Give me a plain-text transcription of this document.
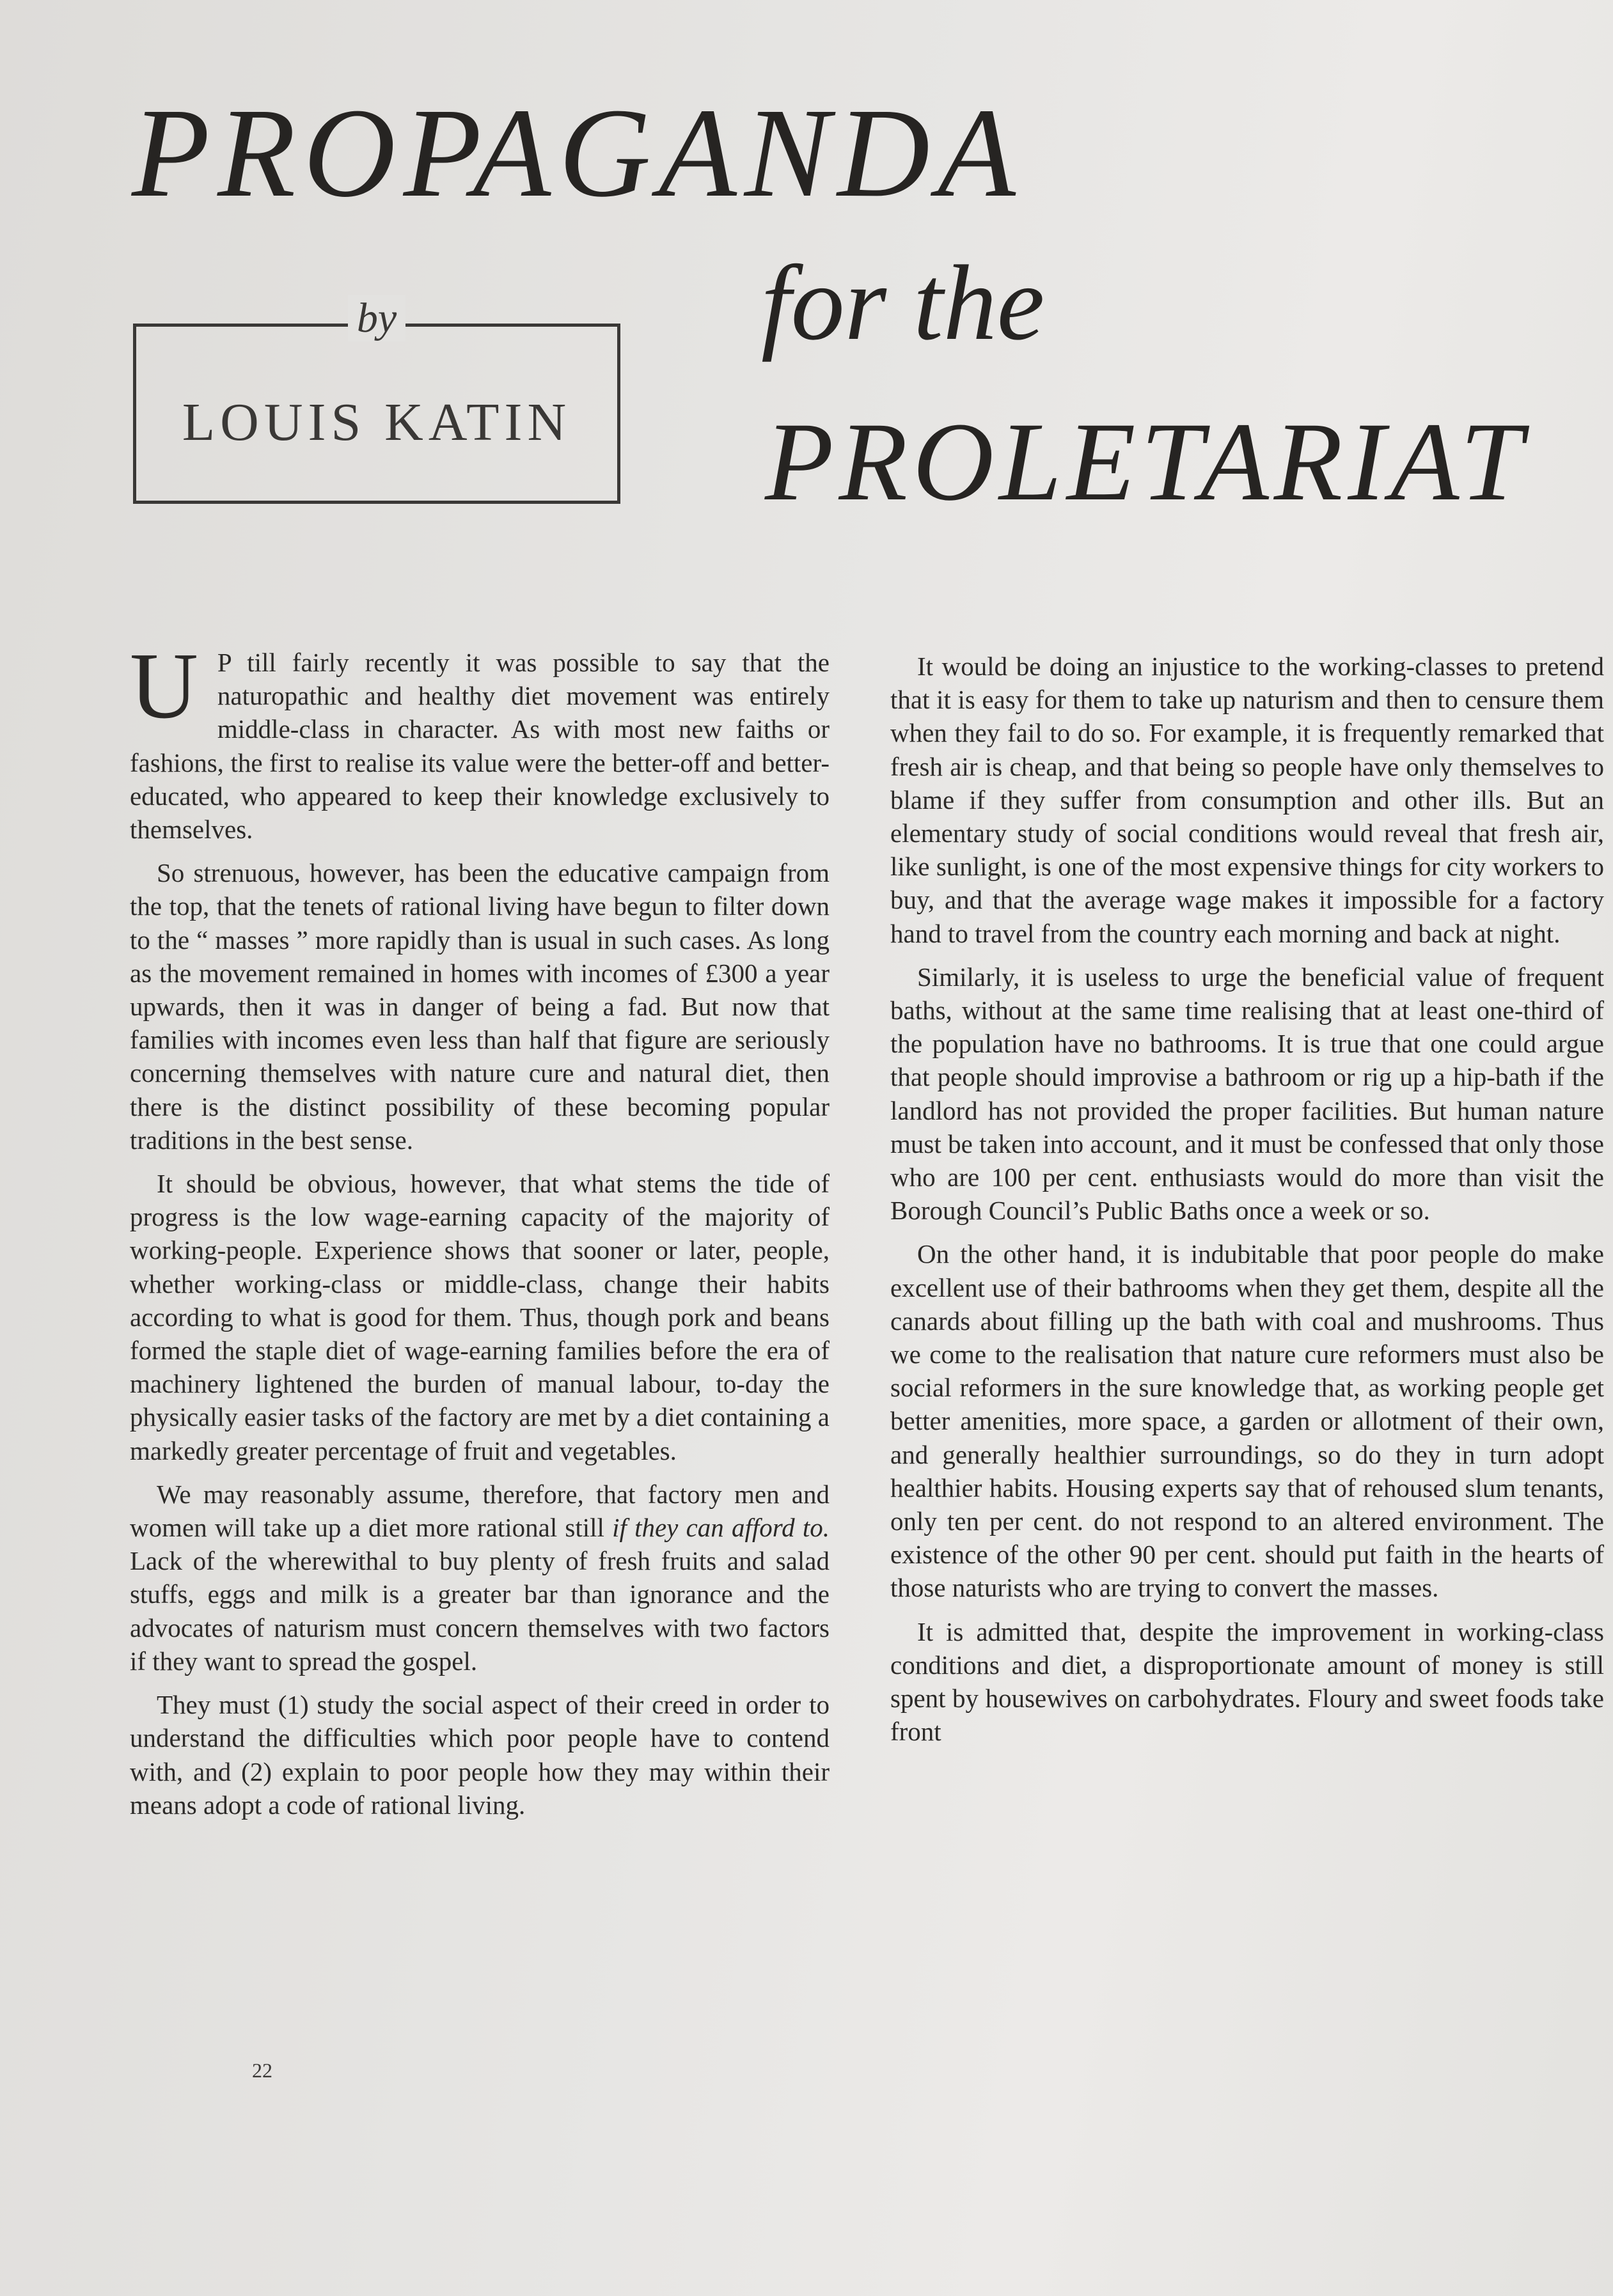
PROPAGANDA
for the
PROLETARIAT
by
LOUIS KATIN

U P till fairly recently it was possible to say that the naturopathic and healthy diet movement was entirely middle-class in character. As with most new faiths or fashions, the first to realise its value were the better-off and better-educated, who appeared to keep their knowledge exclusively to themselves.

So strenuous, however, has been the educative campaign from the top, that the tenets of rational living have begun to filter down to the “ masses ” more rapidly than is usual in such cases. As long as the movement remained in homes with incomes of £300 a year upwards, then it was in danger of being a fad. But now that families with incomes even less than half that figure are seriously concerning themselves with nature cure and natural diet, then there is the distinct possibility of these becoming popular traditions in the best sense.

It should be obvious, however, that what stems the tide of progress is the low wage-earning capacity of the majority of working-people. Experience shows that sooner or later, people, whether working-class or middle-class, change their habits according to what is good for them. Thus, though pork and beans formed the staple diet of wage-earning families before the era of machinery lightened the burden of manual labour, to-day the physically easier tasks of the factory are met by a diet containing a markedly greater percentage of fruit and vegetables.

We may reasonably assume, therefore, that factory men and women will take up a diet more rational still if they can afford to. Lack of the wherewithal to buy plenty of fresh fruits and salad stuffs, eggs and milk is a greater bar than ignorance and the advocates of naturism must concern themselves with two factors if they want to spread the gospel.

They must (1) study the social aspect of their creed in order to understand the difficulties which poor people have to contend with, and (2) explain to poor people how they may within their means adopt a code of rational living.

It would be doing an injustice to the working-classes to pretend that it is easy for them to take up naturism and then to censure them when they fail to do so. For example, it is frequently remarked that fresh air is cheap, and that being so people have only themselves to blame if they suffer from consumption and other ills. But an elementary study of social conditions would reveal that fresh air, like sunlight, is one of the most expensive things for city workers to buy, and that the average wage makes it impossible for a factory hand to travel from the country each morning and back at night.

Similarly, it is useless to urge the beneficial value of frequent baths, without at the same time realising that at least one-third of the population have no bathrooms. It is true that one could argue that people should improvise a bathroom or rig up a hip-bath if the landlord has not provided the proper facilities. But human nature must be taken into account, and it must be confessed that only those who are 100 per cent. enthusiasts would do more than visit the Borough Council’s Public Baths once a week or so.

On the other hand, it is indubitable that poor people do make excellent use of their bathrooms when they get them, despite all the canards about filling up the bath with coal and mushrooms. Thus we come to the realisation that nature cure reformers must also be social reformers in the sure knowledge that, as working people get better amenities, more space, a garden or allotment of their own, and generally healthier surroundings, so do they in turn adopt healthier habits. Housing experts say that of rehoused slum tenants, only ten per cent. do not respond to an altered environment. The existence of the other 90 per cent. should put faith in the hearts of those naturists who are trying to convert the masses.

It is admitted that, despite the improvement in working-class conditions and diet, a disproportionate amount of money is still spent by housewives on carbohydrates. Floury and sweet foods take front

22
